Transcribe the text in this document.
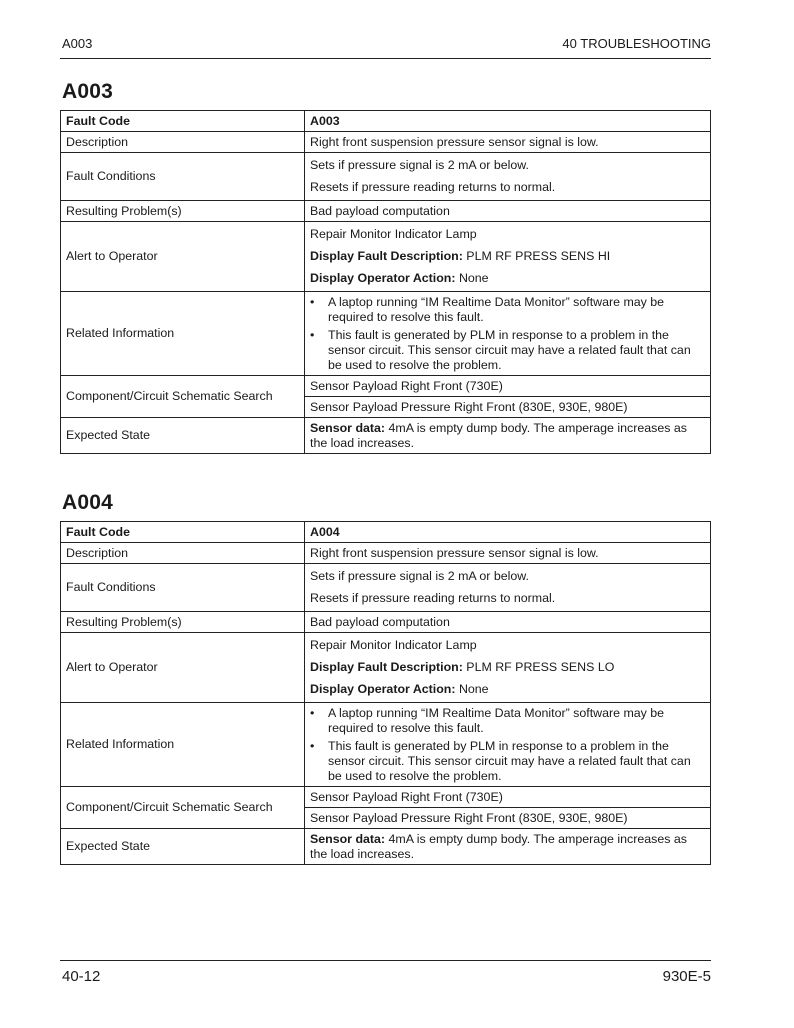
A003	40 TROUBLESHOOTING
A003
Fault Code	A003
Description	Right front suspension pressure sensor signal is low.
Fault Conditions	Sets if pressure signal is 2 mA or below.
Resets if pressure reading returns to normal.

Resulting Problem(s)	Bad payload computation
Alert to Operator	Repair Monitor Indicator Lamp
Display Fault Description: PLM RF PRESS SENS HI
Display Operator Action: None

Related Information	• A laptop running “IM Realtime Data Monitor” software may be required to resolve this fault.
• This fault is generated by PLM in response to a problem in the sensor circuit. This sensor circuit may have a related fault that can be used to resolve the problem.

Component/Circuit Schematic Search	Sensor Payload Right Front (730E)
	Sensor Payload Pressure Right Front (830E, 930E, 980E)
Expected State	Sensor data: 4mA is empty dump body. The amperage increases as the load increases.
A004
Fault Code	A004
Description	Right front suspension pressure sensor signal is low.
Fault Conditions	Sets if pressure signal is 2 mA or below.
Resets if pressure reading returns to normal.

Resulting Problem(s)	Bad payload computation
Alert to Operator	Repair Monitor Indicator Lamp
Display Fault Description: PLM RF PRESS SENS LO
Display Operator Action: None

Related Information	• A laptop running “IM Realtime Data Monitor” software may be required to resolve this fault.
• This fault is generated by PLM in response to a problem in the sensor circuit. This sensor circuit may have a related fault that can be used to resolve the problem.

Component/Circuit Schematic Search	Sensor Payload Right Front (730E)
	Sensor Payload Pressure Right Front (830E, 930E, 980E)
Expected State	Sensor data: 4mA is empty dump body. The amperage increases as the load increases.
40-12	930E-5
